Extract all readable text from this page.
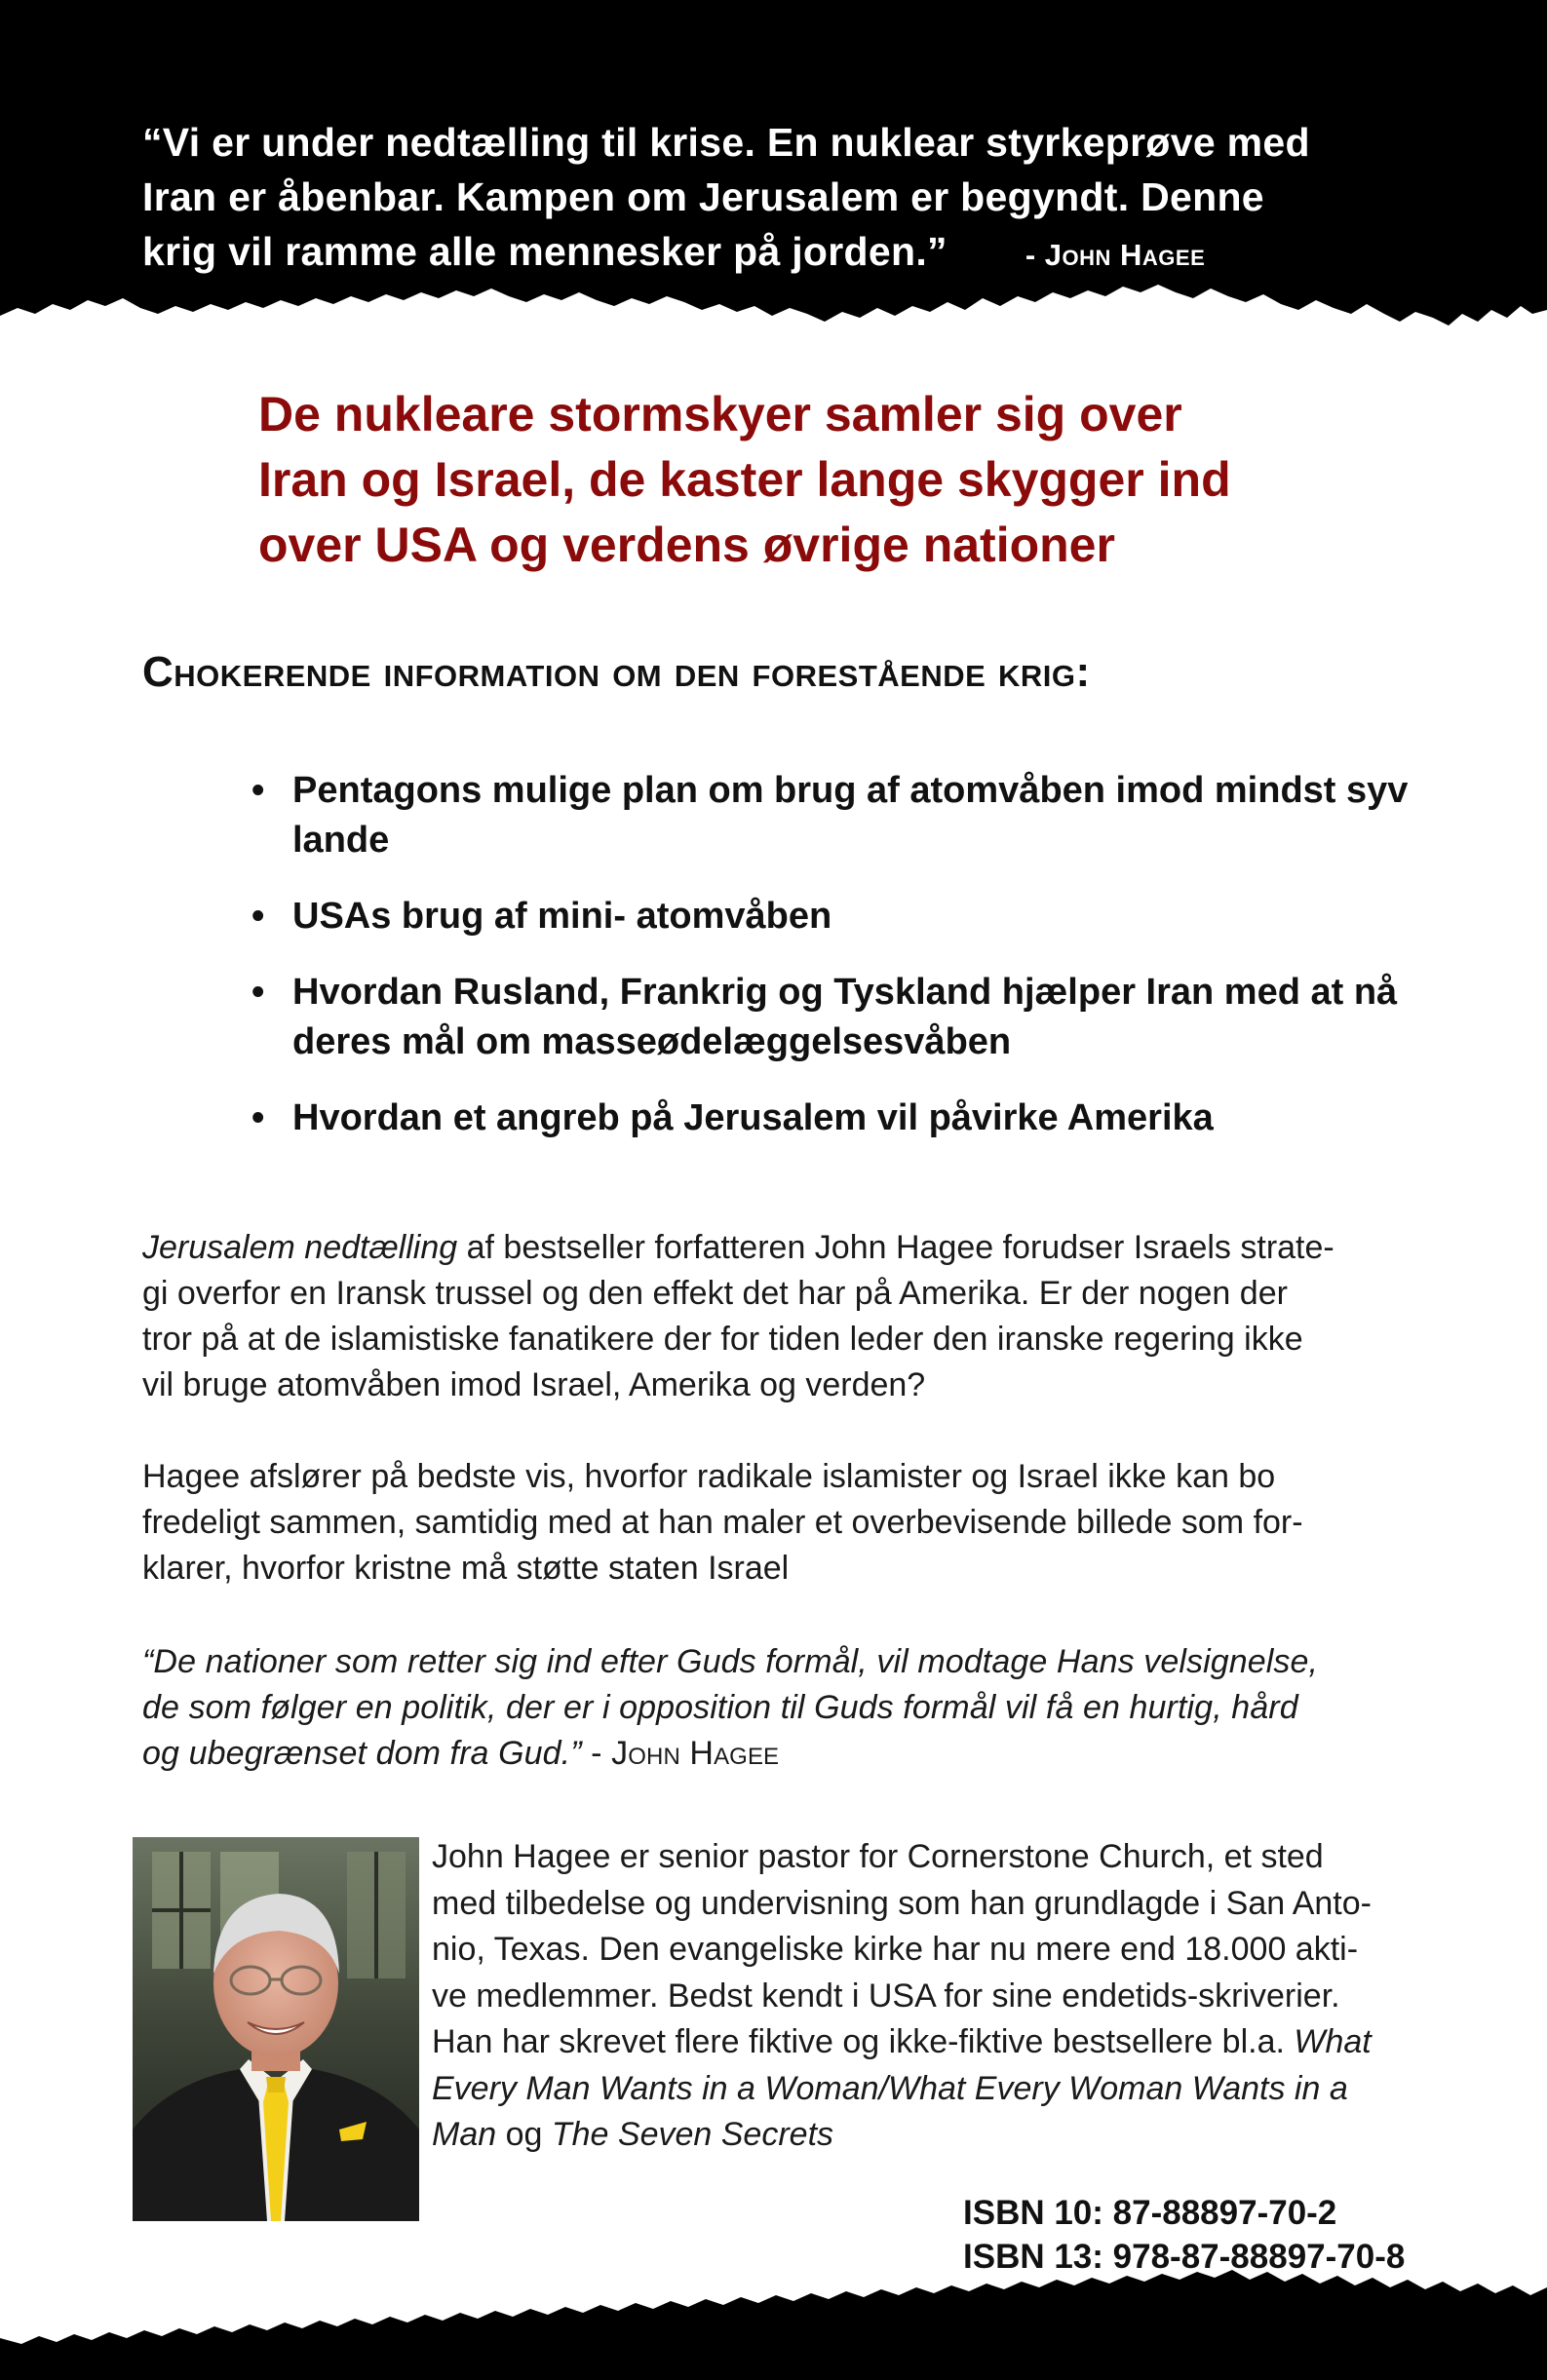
“Vi er under nedtælling til krise. En nuklear styrkeprøve med
Iran er åbenbar. Kampen om Jerusalem er begyndt. Denne
krig vil ramme alle mennesker på jorden.”	- John Hagee
De nukleare stormskyer samler sig over
Iran og Israel, de kaster lange skygger ind
over USA og verdens øvrige nationer
Chokerende information om den forestående krig:
• Pentagons mulige plan om brug af atomvåben imod mindst syv
lande
• USAs brug af mini- atomvåben
• Hvordan Rusland, Frankrig og Tyskland hjælper Iran med at nå
deres mål om masseødelæggelsesvåben
• Hvordan et angreb på Jerusalem vil påvirke Amerika
Jerusalem nedtælling af bestseller forfatteren John Hagee forudser Israels strate-
gi overfor en Iransk trussel og den effekt det har på Amerika. Er der nogen der
tror på at de islamistiske fanatikere der for tiden leder den iranske regering ikke
vil bruge atomvåben imod Israel, Amerika og verden?
Hagee afslører på bedste vis, hvorfor radikale islamister og Israel ikke kan bo
fredeligt sammen, samtidig med at han maler et overbevisende billede som for-
klarer, hvorfor kristne må støtte staten Israel
“De nationer som retter sig ind efter Guds formål, vil modtage Hans velsignelse,
de som følger en politik, der er i opposition til Guds formål vil få en hurtig, hård
og ubegrænset dom fra Gud.” - John Hagee
John Hagee er senior pastor for Cornerstone Church, et sted
med tilbedelse og undervisning som han grundlagde i San Anto-
nio, Texas. Den evangeliske kirke har nu mere end 18.000 akti-
ve medlemmer. Bedst kendt i USA for sine endetids-skriverier.
Han har skrevet flere fiktive og ikke-fiktive bestsellere bl.a. What
Every Man Wants in a Woman/What Every Woman Wants in a
Man og The Seven Secrets
ISBN 10: 87-88897-70-2
ISBN 13: 978-87-88897-70-8
